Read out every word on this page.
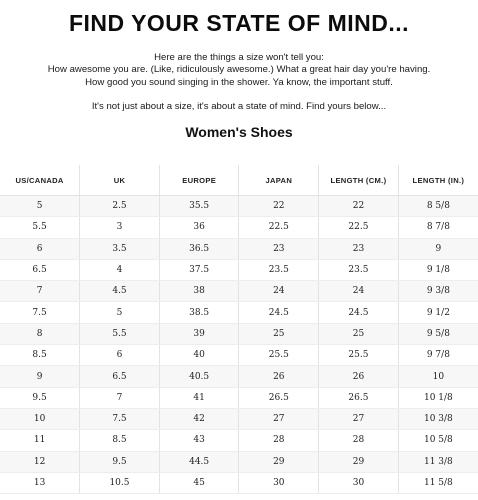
FIND YOUR STATE OF MIND...

Here are the things a size won't tell you:

How awesome you are. (Like, ridiculously awesome.) What a great hair day you're having.

How good you sound singing in the shower. Ya know, the important stuff.

It's not just about a size, it's about a state of mind. Find yours below...
Women's Shoes
US/CANADA	UK	EUROPE	JAPAN	LENGTH (CM.)	LENGTH (IN.)
5	2.5	35.5	22	22	8 5/8
5.5	3	36	22.5	22.5	8 7/8
6	3.5	36.5	23	23	9
6.5	4	37.5	23.5	23.5	9 1/8
7	4.5	38	24	24	9 3/8
7.5	5	38.5	24.5	24.5	9 1/2
8	5.5	39	25	25	9 5/8
8.5	6	40	25.5	25.5	9 7/8
9	6.5	40.5	26	26	10
9.5	7	41	26.5	26.5	10 1/8
10	7.5	42	27	27	10 3/8
11	8.5	43	28	28	10 5/8
12	9.5	44.5	29	29	11 3/8
13	10.5	45	30	30	11 5/8
